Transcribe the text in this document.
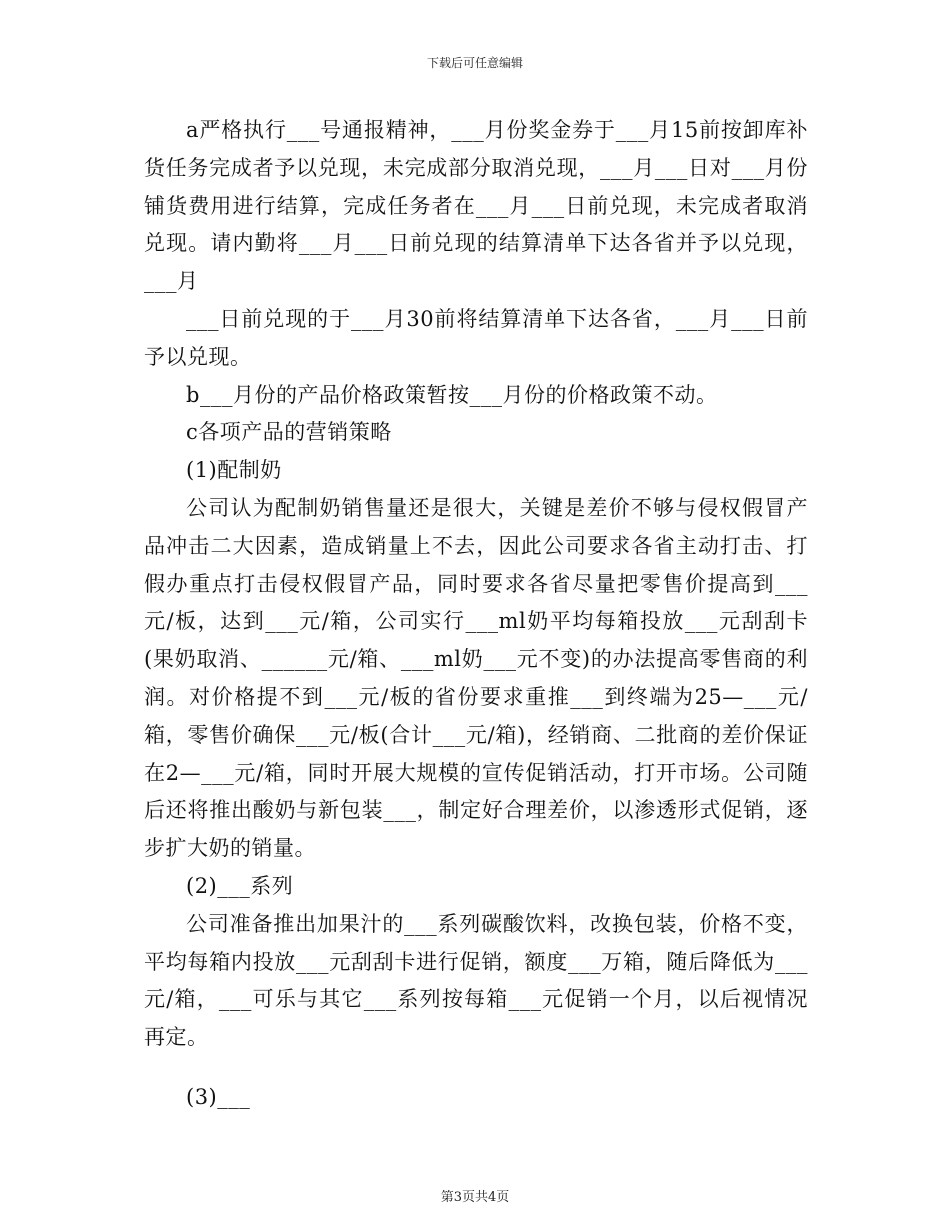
下载后可任意编辑

a严格执行___号通报精神，___月份奖金券于___月15前按卸库补货任务完成者予以兑现，未完成部分取消兑现，___月___日对___月份铺货费用进行结算，完成任务者在___月___日前兑现，未完成者取消兑现。请内勤将___月___日前兑现的结算清单下达各省并予以兑现，___月

___日前兑现的于___月30前将结算清单下达各省，___月___日前予以兑现。

b___月份的产品价格政策暂按___月份的价格政策不动。

c各项产品的营销策略

(1)配制奶

公司认为配制奶销售量还是很大，关键是差价不够与侵权假冒产品冲击二大因素，造成销量上不去，因此公司要求各省主动打击、打假办重点打击侵权假冒产品，同时要求各省尽量把零售价提高到___元/板，达到___元/箱，公司实行___ml奶平均每箱投放___元刮刮卡(果奶取消、______元/箱、___ml奶___元不变)的办法提高零售商的利润。对价格提不到___元/板的省份要求重推___到终端为25—___元/箱，零售价确保___元/板(合计___元/箱)，经销商、二批商的差价保证在2—___元/箱，同时开展大规模的宣传促销活动，打开市场。公司随后还将推出酸奶与新包装___，制定好合理差价，以渗透形式促销，逐步扩大奶的销量。

(2)___系列

公司准备推出加果汁的___系列碳酸饮料，改换包装，价格不变，平均每箱内投放___元刮刮卡进行促销，额度___万箱，随后降低为___元/箱，___可乐与其它___系列按每箱___元促销一个月，以后视情况再定。

(3)___

第3页共4页
